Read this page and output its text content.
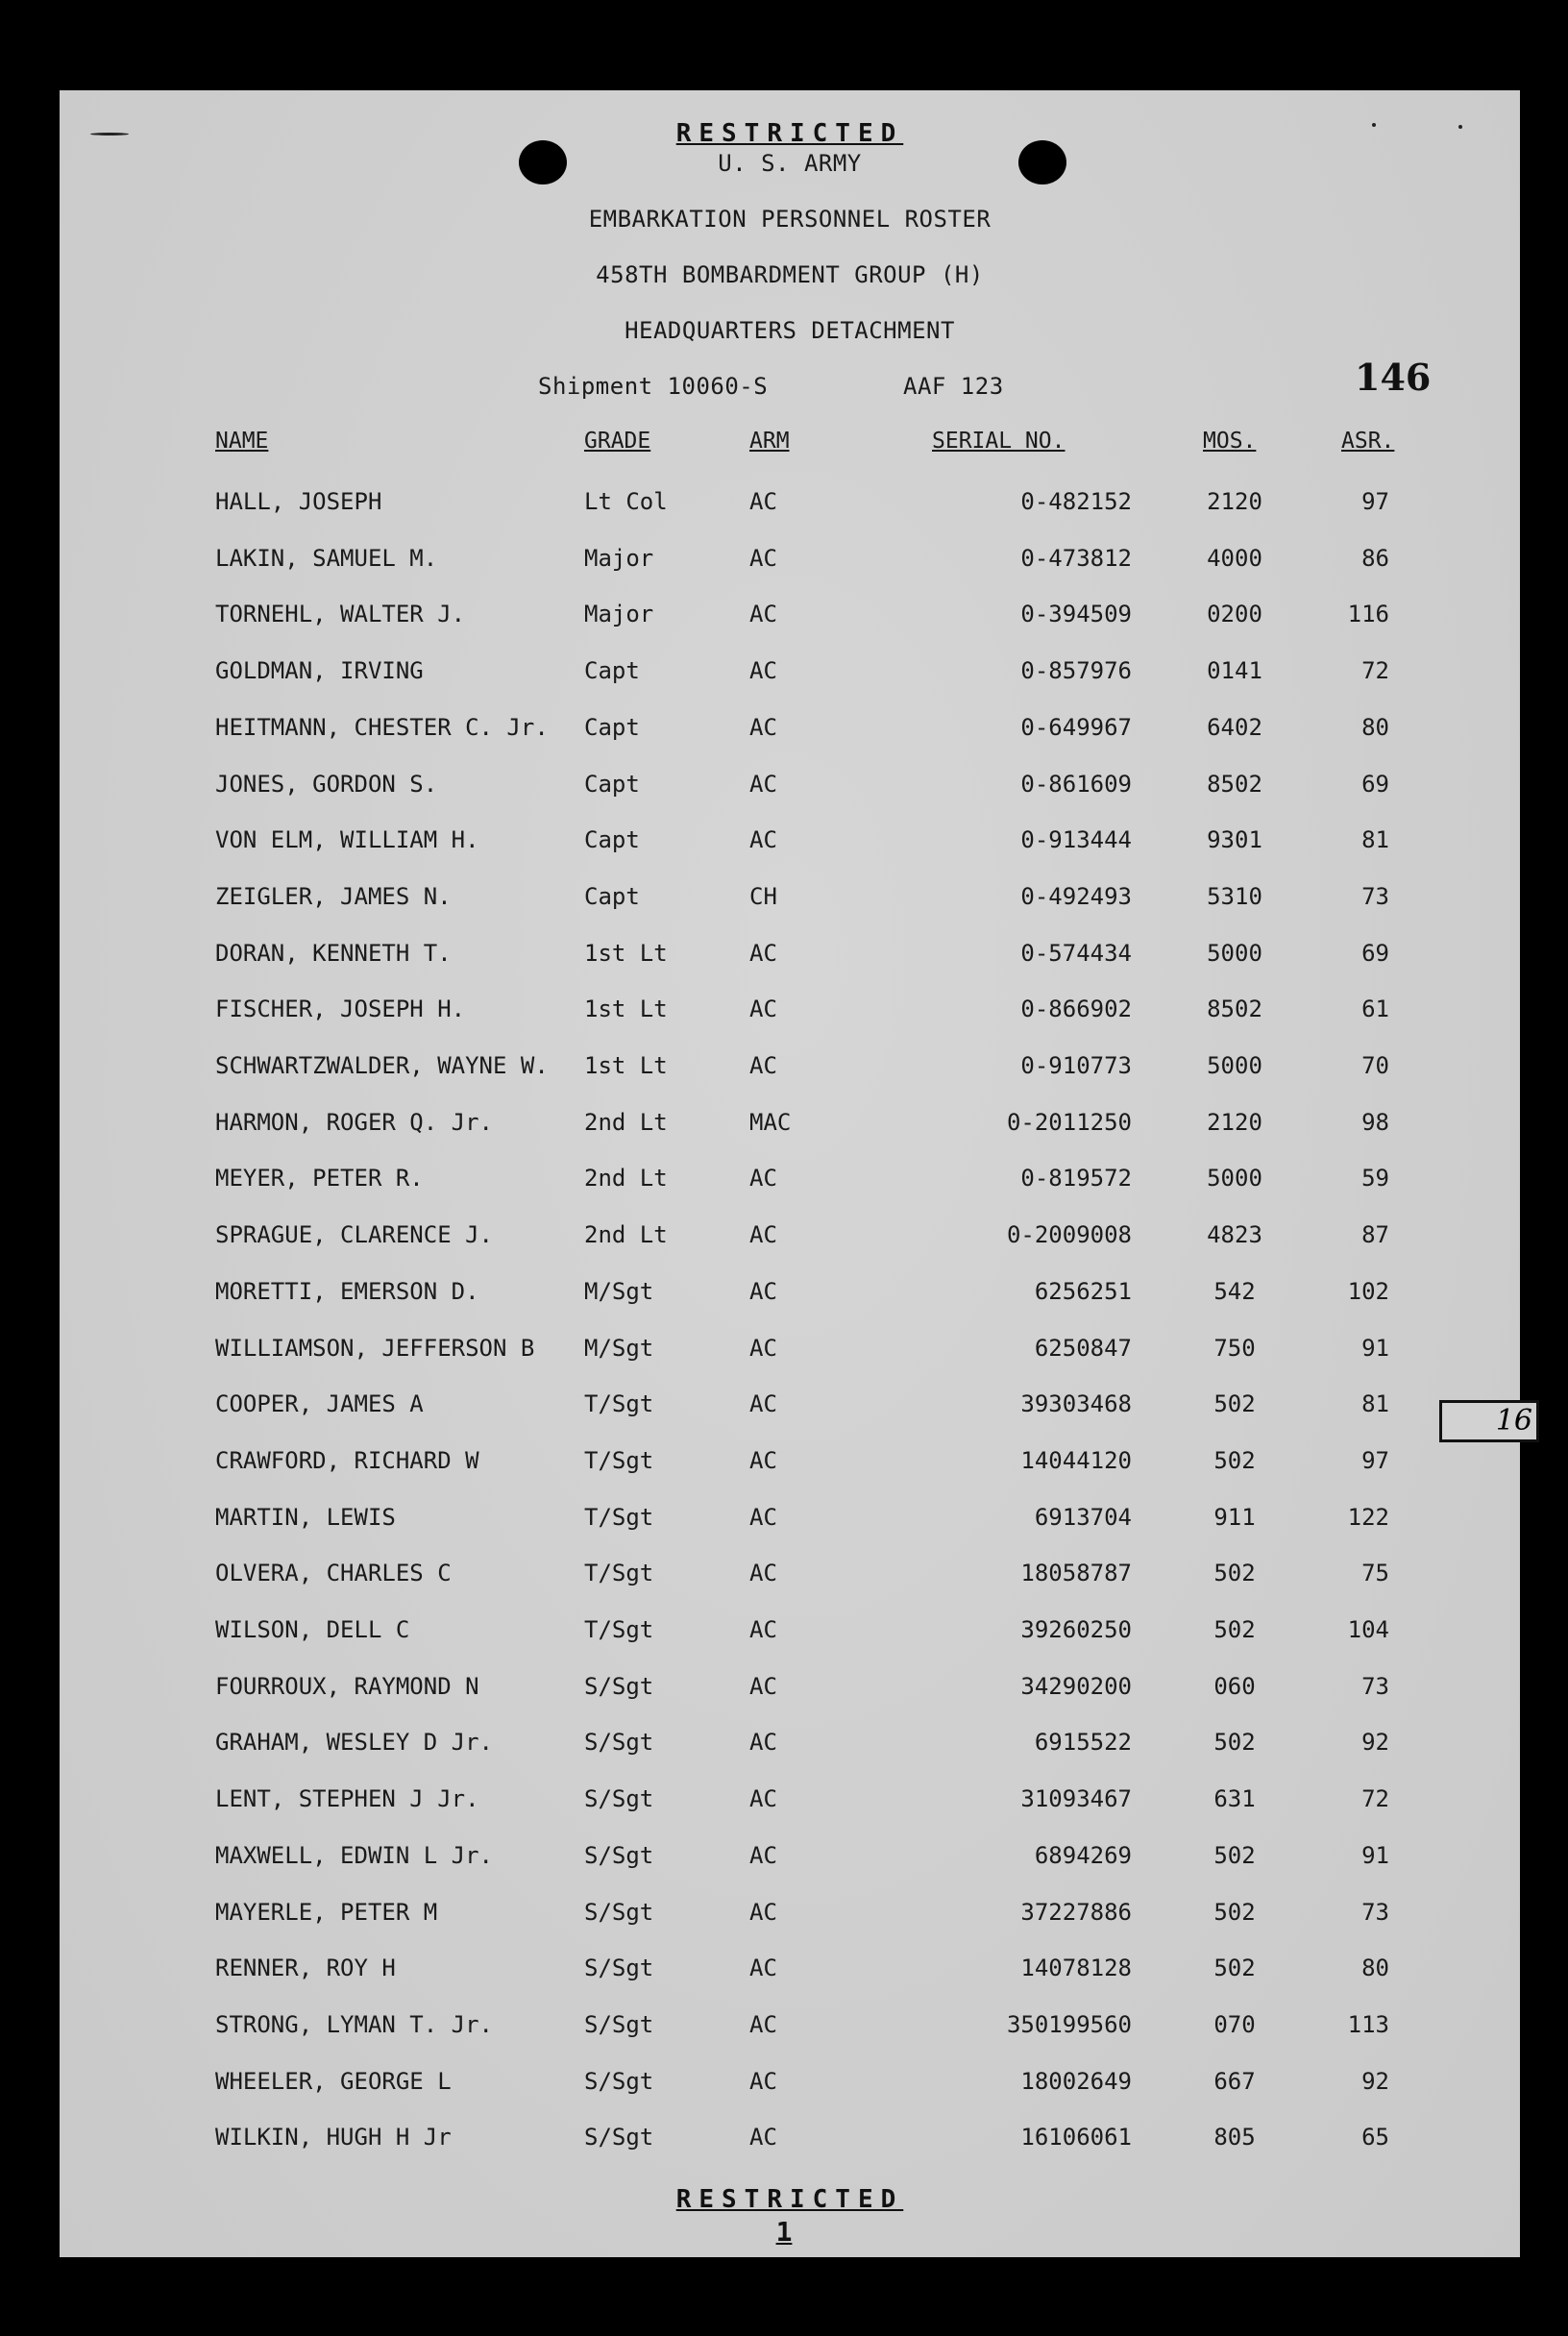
RESTRICTED
U. S. ARMY
EMBARKATION PERSONNEL ROSTER
458TH BOMBARDMENT GROUP (H)
HEADQUARTERS DETACHMENT
Shipment 10060-S	AAF 123
NAME	GRADE	ARM	SERIAL NO.	MOS.	ASR.
HALL, JOSEPH	Lt Col	AC	0-482152	2120	97
LAKIN, SAMUEL M.	Major	AC	0-473812	4000	86
TORNEHL, WALTER J.	Major	AC	0-394509	0200	116
GOLDMAN, IRVING	Capt	AC	0-857976	0141	72
HEITMANN, CHESTER C. Jr. Capt	AC	0-649967	6402	80
JONES, GORDON S.	Capt	AC	0-861609	8502	69
VON ELM, WILLIAM H.	Capt	AC	0-913444	9301	81
ZEIGLER, JAMES N.	Capt	CH	0-492493	5310	73
DORAN, KENNETH T.	1st Lt	AC	0-574434	5000	69
FISCHER, JOSEPH H.	1st Lt	AC	0-866902	8502	61
SCHWARTZWALDER, WAYNE W. 1st Lt	AC	0-910773	5000	70
HARMON, ROGER Q. Jr.	2nd Lt	MAC	0-2011250	2120	98
MEYER, PETER R.	2nd Lt	AC	0-819572	5000	59
SPRAGUE, CLARENCE J.	2nd Lt	AC	0-2009008	4823	87
MORETTI, EMERSON D.	M/Sgt	AC	6256251	542	102
WILLIAMSON, JEFFERSON B M/Sgt	AC	6250847	750	91
COOPER, JAMES A	T/Sgt	AC	39303468	502	81
CRAWFORD, RICHARD W	T/Sgt	AC	14044120	502	97
MARTIN, LEWIS	T/Sgt	AC	6913704	911	122
OLVERA, CHARLES C	T/Sgt	AC	18058787	502	75
WILSON, DELL C	T/Sgt	AC	39260250	502	104
FOURROUX, RAYMOND N	S/Sgt	AC	34290200	060	73
GRAHAM, WESLEY D Jr.	S/Sgt	AC	6915522	502	92
LENT, STEPHEN J Jr.	S/Sgt	AC	31093467	631	72
MAXWELL, EDWIN L Jr.	S/Sgt	AC	6894269	502	91
MAYERLE, PETER M	S/Sgt	AC	37227886	502	73
RENNER, ROY H	S/Sgt	AC	14078128	502	80
STRONG, LYMAN T. Jr.	S/Sgt	AC	350199560	070	113
WHEELER, GEORGE L	S/Sgt	AC	18002649	667	92
WILKIN, HUGH H Jr	S/Sgt	AC	16106061	805	65
RESTRICTED
146
16
1
